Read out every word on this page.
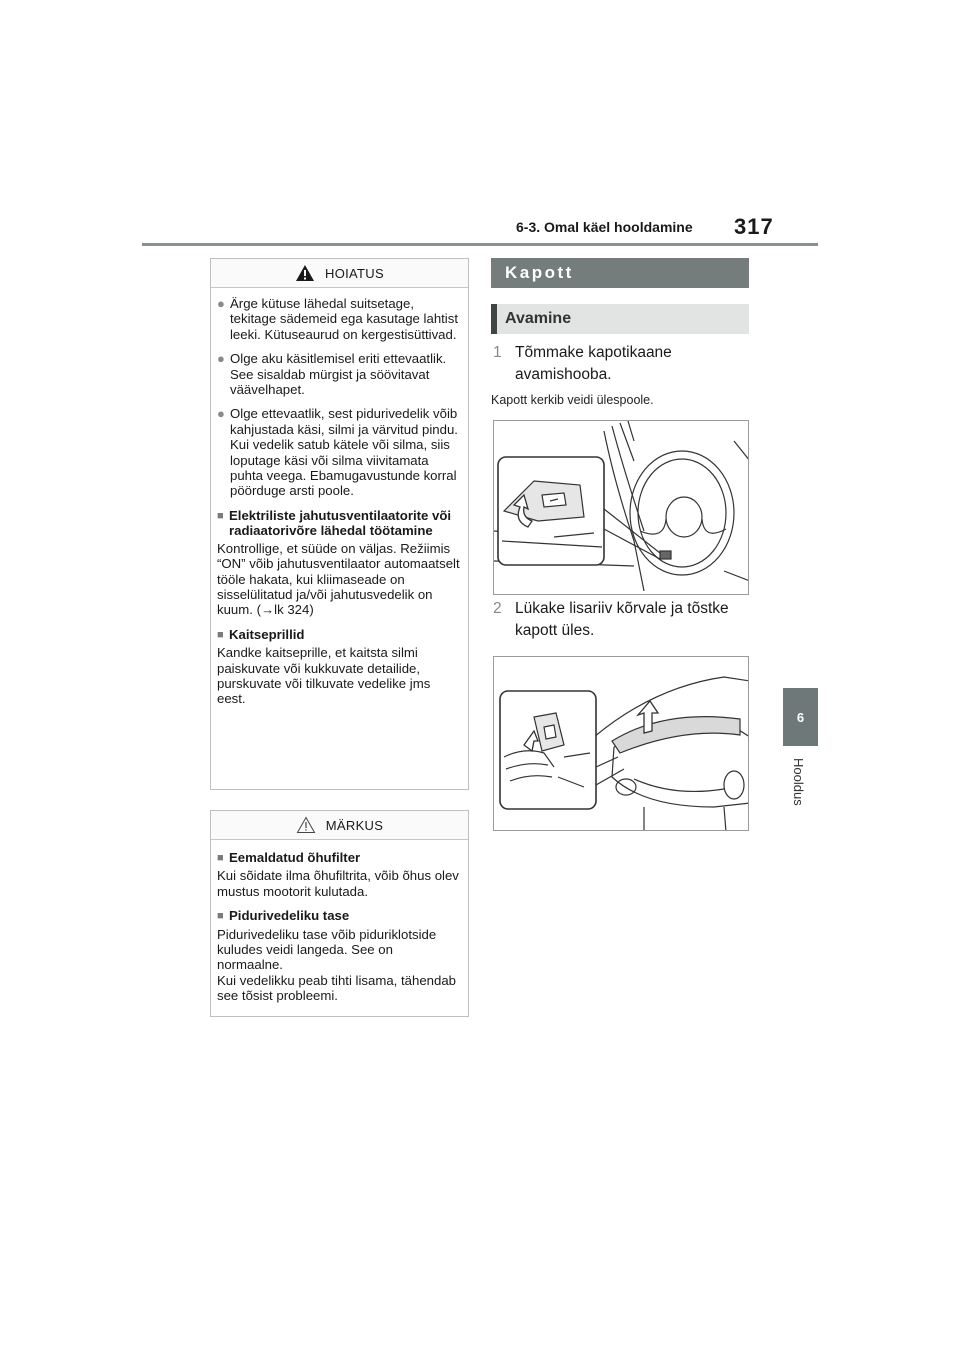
6-3. Omal käel hooldamine 317
6
Hooldus
HOIATUS
● Ärge kütuse lähedal suitsetage, tekitage sädemeid ega kasutage lahtist leeki. Kütuseaurud on kergestisüttivad.
● Olge aku käsitlemisel eriti ettevaatlik. See sisaldab mürgist ja söövitavat väävelhapet.
● Olge ettevaatlik, sest pidurivedelik võib kahjustada käsi, silmi ja värvitud pindu. Kui vedelik satub kätele või silma, siis loputage käsi või silma viivitamata puhta veega. Ebamugavustunde korral pöörduge arsti poole.
■ Elektriliste jahutusventilaatorite või radiaatorivõre lähedal töötamine
Kontrollige, et süüde on väljas. Režiimis “ON” võib jahutusventilaator automaatselt tööle hakata, kui kliimaseade on sisselülitatud ja/või jahutusvedelik on kuum. (→lk 324)
■ Kaitseprillid
Kandke kaitseprille, et kaitsta silmi paiskuvate või kukkuvate detailide, purskuvate või tilkuvate vedelike jms eest.
MÄRKUS
■ Eemaldatud õhufilter
Kui sõidate ilma õhufiltrita, võib õhus olev mustus mootorit kulutada.
■ Pidurivedeliku tase
Pidurivedeliku tase võib piduriklotside kuludes veidi langeda. See on normaalne.
Kui vedelikku peab tihti lisama, tähendab see tõsist probleemi.
Kapott
Avamine
1 Tõmmake kapotikaane avamishooba.
Kapott kerkib veidi ülespoole.
2 Lükake lisariiv kõrvale ja tõstke kapott üles.
